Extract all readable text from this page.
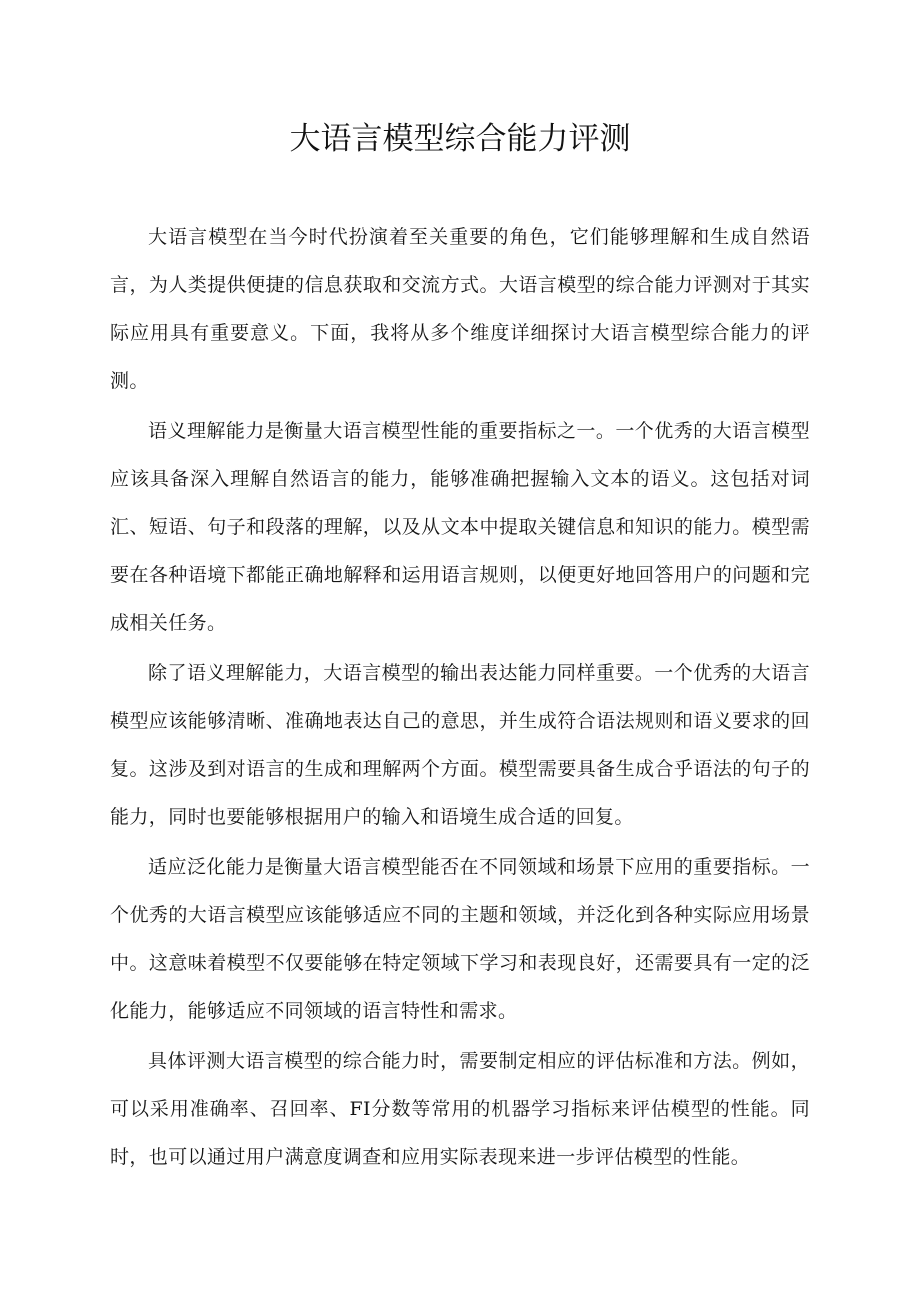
大语言模型综合能力评测

大语言模型在当今时代扮演着至关重要的角色，它们能够理解和生成自然语言，为人类提供便捷的信息获取和交流方式。大语言模型的综合能力评测对于其实际应用具有重要意义。下面，我将从多个维度详细探讨大语言模型综合能力的评测。

语义理解能力是衡量大语言模型性能的重要指标之一。一个优秀的大语言模型应该具备深入理解自然语言的能力，能够准确把握输入文本的语义。这包括对词汇、短语、句子和段落的理解，以及从文本中提取关键信息和知识的能力。模型需要在各种语境下都能正确地解释和运用语言规则，以便更好地回答用户的问题和完成相关任务。

除了语义理解能力，大语言模型的输出表达能力同样重要。一个优秀的大语言模型应该能够清晰、准确地表达自己的意思，并生成符合语法规则和语义要求的回复。这涉及到对语言的生成和理解两个方面。模型需要具备生成合乎语法的句子的能力，同时也要能够根据用户的输入和语境生成合适的回复。

适应泛化能力是衡量大语言模型能否在不同领域和场景下应用的重要指标。一个优秀的大语言模型应该能够适应不同的主题和领域，并泛化到各种实际应用场景中。这意味着模型不仅要能够在特定领域下学习和表现良好，还需要具有一定的泛化能力，能够适应不同领域的语言特性和需求。

具体评测大语言模型的综合能力时，需要制定相应的评估标准和方法。例如，可以采用准确率、召回率、FI分数等常用的机器学习指标来评估模型的性能。同时，也可以通过用户满意度调查和应用实际表现来进一步评估模型的性能。
